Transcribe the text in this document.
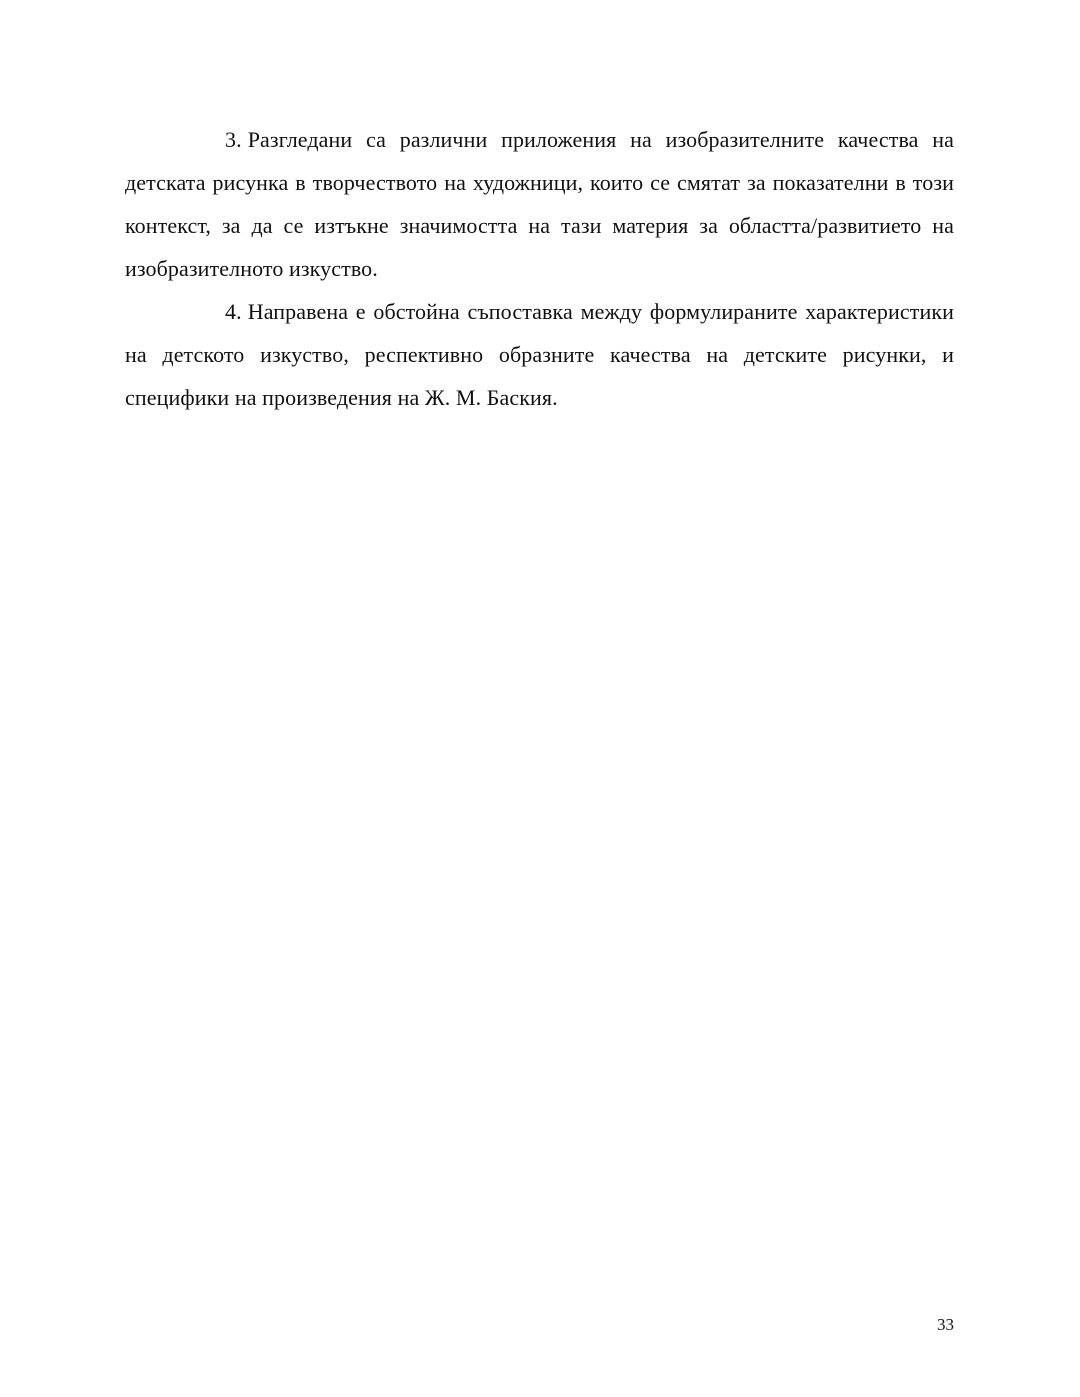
3. Разгледани са различни приложения на изобразителните качества на детската рисунка в творчеството на художници, които се смятат за показателни в този контекст, за да се изтъкне значимостта на тази материя за областта/развитието на изобразителното изкуство.

4. Направена е обстойна съпоставка между формулираните характеристики на детското изкуство, респективно образните качества на детските рисунки, и специфики на произведения на Ж. М. Баския.

33
